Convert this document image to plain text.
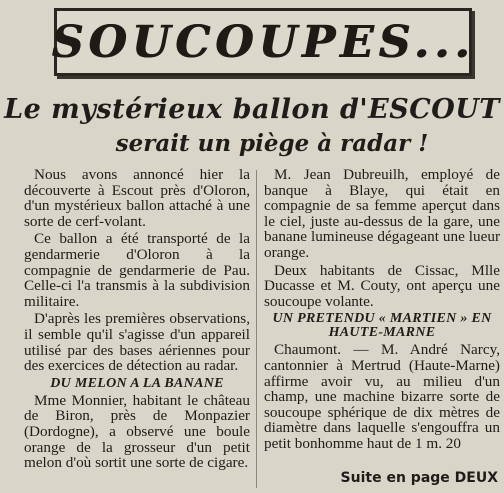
SOUCOUPES...
Le mystérieux ballon d'ESCOUT
serait un piège à radar !

Nous avons annoncé hier la découverte à Escout près d'Oloron, d'un mystérieux ballon attaché à une sorte de cerf-volant.

Ce ballon a été transporté de la gendarmerie d'Oloron à la compagnie de gendarmerie de Pau. Celle-ci l'a transmis à la subdivision militaire.

D'après les premières observations, il semble qu'il s'agisse d'un appareil utilisé par des bases aériennes pour des exercices de détection au radar.

DU MELON A LA BANANE

Mme Monnier, habitant le château de Biron, près de Monpazier (Dordogne), a observé une boule orange de la grosseur d'un petit melon d'où sortit une sorte de cigare.

M. Jean Dubreuilh, employé de banque à Blaye, qui était en compagnie de sa femme aperçut dans le ciel, juste au-dessus de la gare, une banane lumineuse dégageant une lueur orange.

Deux habitants de Cissac, Mlle Ducasse et M. Couty, ont aperçu une soucoupe volante.

UN PRETENDU « MARTIEN » EN HAUTE-MARNE

Chaumont. — M. André Narcy, cantonnier à Mertrud (Haute-Marne) affirme avoir vu, au milieu d'un champ, une machine bizarre sorte de soucoupe sphérique de dix mètres de diamètre dans laquelle s'engouffra un petit bonhomme haut de 1 m. 20

Suite en page DEUX
